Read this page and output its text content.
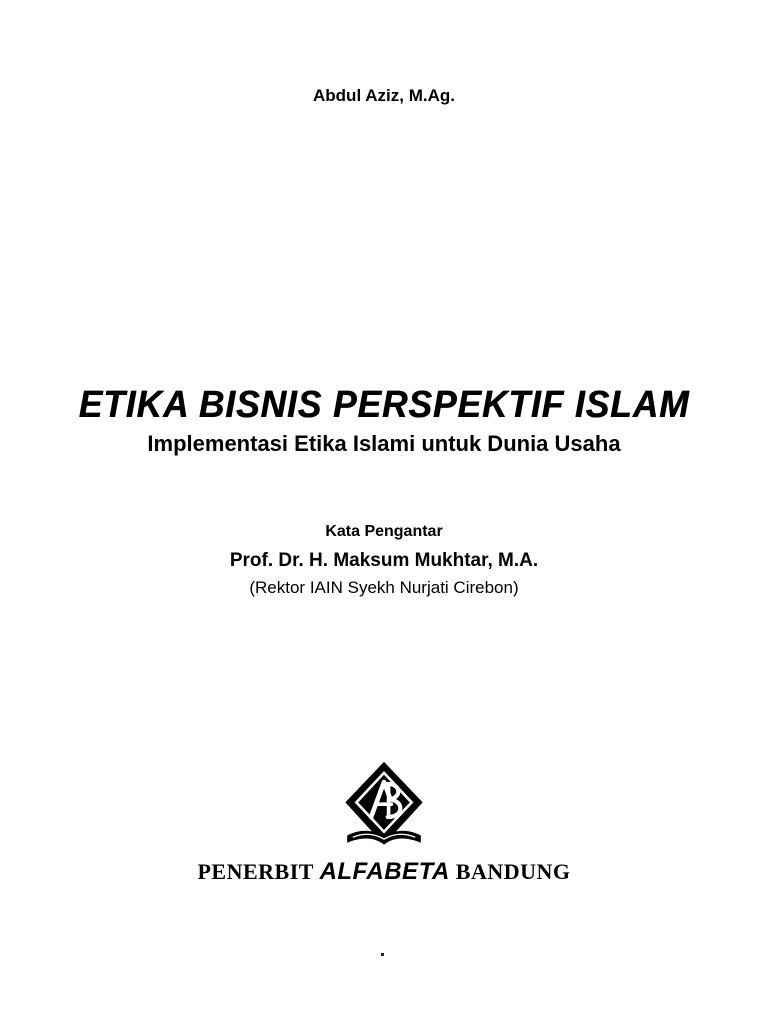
Abdul Aziz, M.Ag.
ETIKA BISNIS PERSPEKTIF ISLAM
Implementasi Etika Islami untuk Dunia Usaha
Kata Pengantar
Prof. Dr. H. Maksum Mukhtar, M.A.
(Rektor IAIN Syekh Nurjati Cirebon)
PENERBIT ALFABETA BANDUNG
